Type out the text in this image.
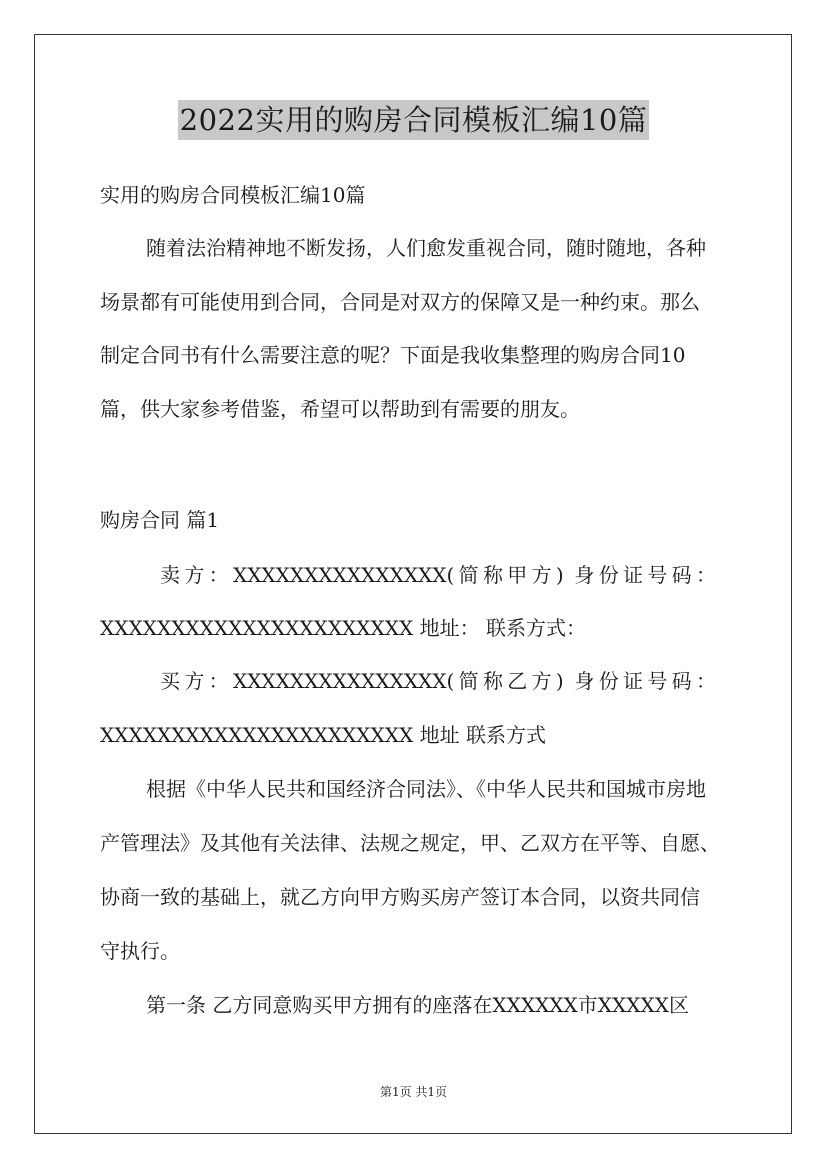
2022实用的购房合同模板汇编10篇
实用的购房合同模板汇编10篇
随着法治精神地不断发扬，人们愈发重视合同，随时随地，各种
场景都有可能使用到合同，合同是对双方的保障又是一种约束。那么
制定合同书有什么需要注意的呢？下面是我收集整理的购房合同10
篇，供大家参考借鉴，希望可以帮助到有需要的朋友。
购房合同 篇1
卖方：XXXXXXXXXXXXXXX(简称甲方) 身份证号码：
XXXXXXXXXXXXXXXXXXXXXX 地址： 联系方式：
买方：XXXXXXXXXXXXXXX(简称乙方) 身份证号码：
XXXXXXXXXXXXXXXXXXXXXX 地址 联系方式
根据《中华人民共和国经济合同法》、《中华人民共和国城市房地
产管理法》及其他有关法律、法规之规定，甲、乙双方在平等、自愿、
协商一致的基础上，就乙方向甲方购买房产签订本合同，以资共同信
守执行。
第一条 乙方同意购买甲方拥有的座落在XXXXXX市XXXXX区
第1页 共1页
